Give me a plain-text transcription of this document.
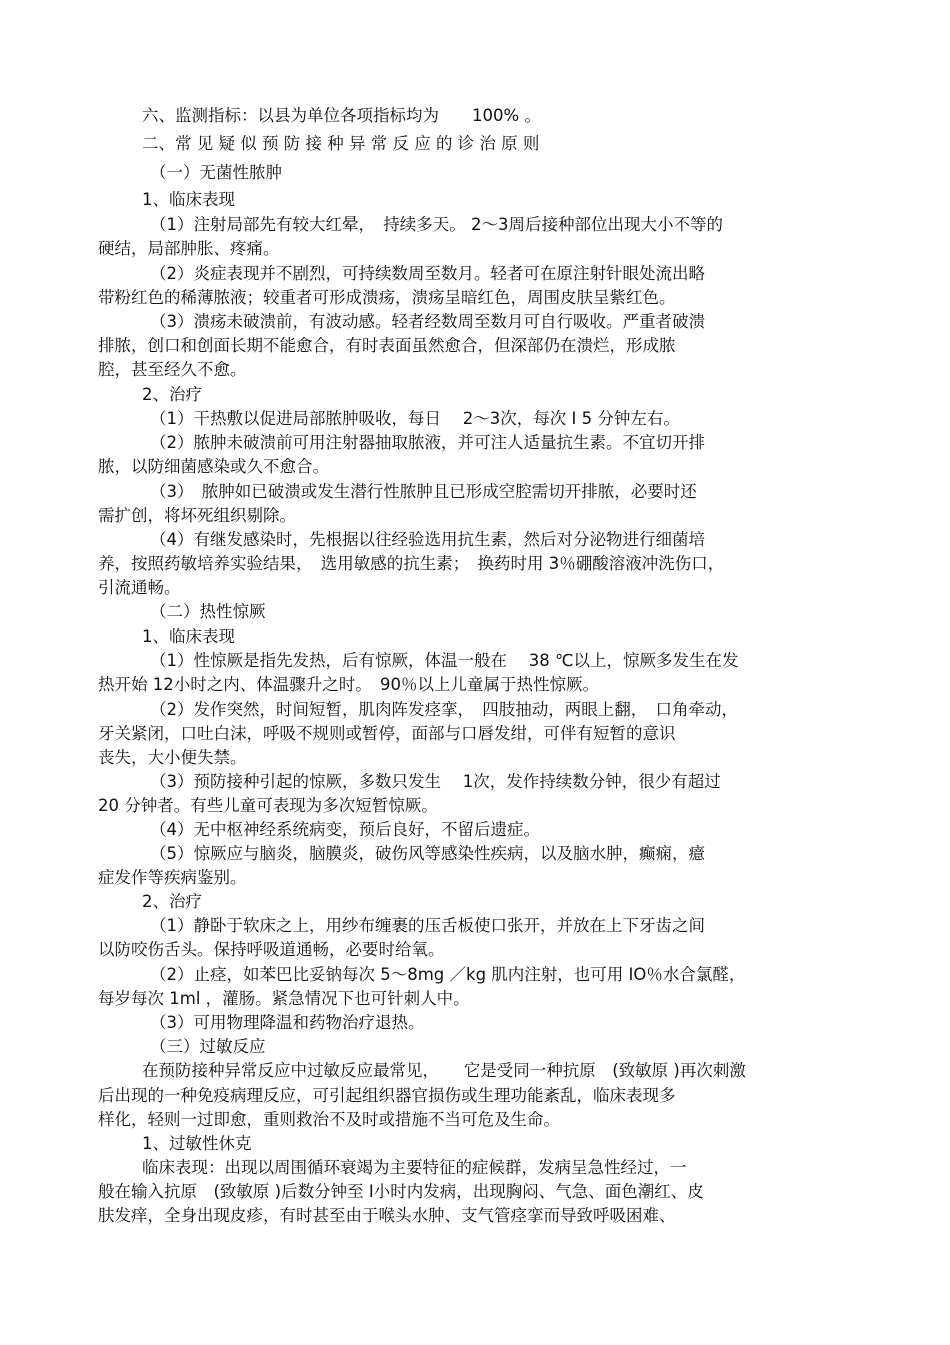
六、监测指标：以县为单位各项指标均为　　100% 。
二、常 见 疑 似 预 防 接 种 异 常 反 应 的 诊 治 原 则
（一）无菌性脓肿
1、临床表现
（1）注射局部先有较大红晕，　持续多天。 2～3周后接种部位出现大小不等的
硬结，局部肿胀、疼痛。
（2）炎症表现并不剧烈，可持续数周至数月。轻者可在原注射针眼处流出略
带粉红色的稀薄脓液；较重者可形成溃疡，溃疡呈暗红色，周围皮肤呈紫红色。
（3）溃疡未破溃前，有波动感。轻者经数周至数月可自行吸收。严重者破溃
排脓，创口和创面长期不能愈合，有时表面虽然愈合，但深部仍在溃烂，形成脓
腔，甚至经久不愈。
2、治疗
（1）干热敷以促进局部脓肿吸收，每日　 2～3次，每次 I 5 分钟左右。
（2）脓肿未破溃前可用注射器抽取脓液，并可注人适量抗生素。不宜切开排
脓，以防细菌感染或久不愈合。
（3）　脓肿如已破溃或发生潜行性脓肿且已形成空腔需切开排脓，必要时还
需扩创，将坏死组织剔除。
（4）有继发感染时，先根据以往经验选用抗生素，然后对分泌物进行细菌培
养，按照药敏培养实验结果，　选用敏感的抗生素；　换药时用 3％硼酸溶液冲洗伤口，
引流通畅。
（二）热性惊厥
1、临床表现
（1）性惊厥是指先发热，后有惊厥，体温一般在　 38 ℃以上，惊厥多发生在发
热开始 12小时之内、体温骤升之时。　90％以上儿童属于热性惊厥。
（2）发作突然，时间短暂，肌肉阵发痉挛，　四肢抽动，两眼上翻，　口角牵动，
牙关紧闭，口吐白沫，呼吸不规则或暂停，面部与口唇发绀，可伴有短暂的意识
丧失，大小便失禁。
（3）预防接种引起的惊厥，多数只发生　 1次，发作持续数分钟，很少有超过
20 分钟者。有些儿童可表现为多次短暂惊厥。
（4）无中枢神经系统病变，预后良好，不留后遗症。
（5）惊厥应与脑炎，脑膜炎，破伤风等感染性疾病，以及脑水肿，癫痫，癔
症发作等疾病鉴别。
2、治疗
（1）静卧于软床之上，用纱布缠裹的压舌板使口张开，并放在上下牙齿之间
以防咬伤舌头。保持呼吸道通畅，必要时给氧。
（2）止痉，如苯巴比妥钠每次 5～8mg ／kg 肌内注射，也可用 IO％水合氯醛，
每岁每次 1ml ，灌肠。紧急情况下也可针刺人中。
（3）可用物理降温和药物治疗退热。
（三）过敏反应
在预防接种异常反应中过敏反应最常见，　　它是受同一种抗原　(致敏原 )再次刺激
后出现的一种免疫病理反应，可引起组织器官损伤或生理功能紊乱，临床表现多
样化，轻则一过即愈，重则救治不及时或措施不当可危及生命。
1、过敏性休克
临床表现：出现以周围循环衰竭为主要特征的症候群，发病呈急性经过，一
般在输入抗原　(致敏原 )后数分钟至 I小时内发病，出现胸闷、气急、面色潮红、皮
肤发痒，全身出现皮疹，有时甚至由于喉头水肿、支气管痉挛而导致呼吸困难、
